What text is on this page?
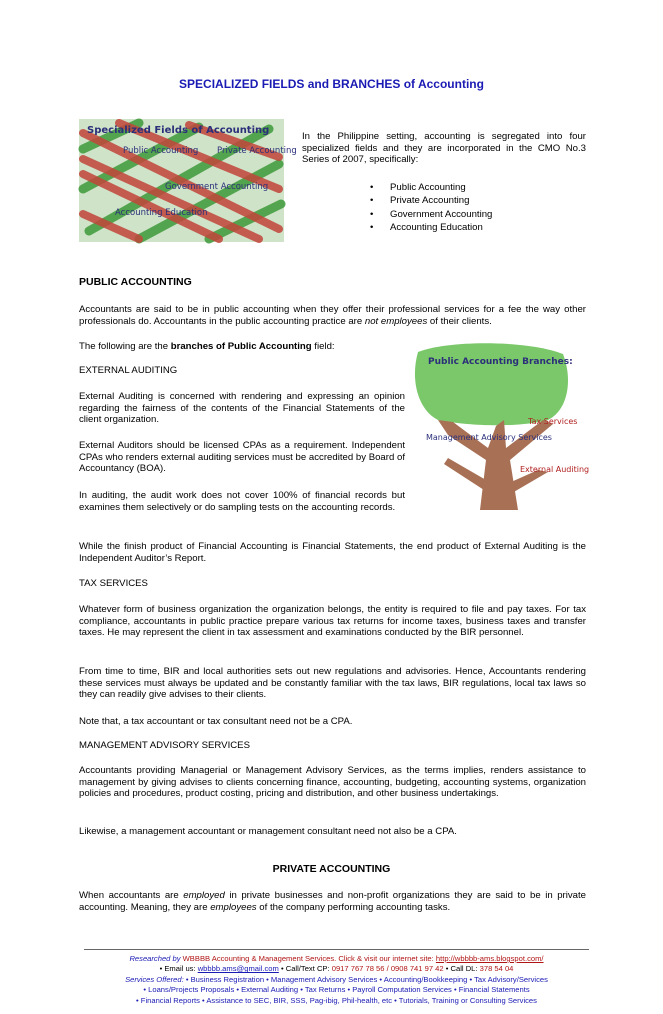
SPECIALIZED FIELDS and BRANCHES of Accounting
Specialized Fields of Accounting
Public Accounting Private Accounting
Government Accounting
Accounting Education
In the Philippine setting, accounting is segregated into four specialized fields and they are incorporated in the CMO No.3 Series of 2007, specifically:
• Public Accounting
• Private Accounting
• Government Accounting
• Accounting Education
PUBLIC ACCOUNTING

Accountants are said to be in public accounting when they offer their professional services for a fee the way other professionals do. Accountants in the public accounting practice are not employees of their clients.

The following are the branches of Public Accounting field:

Public Accounting Branches:
Management Advisory Services
Tax Services
External Auditing
EXTERNAL AUDITING

External Auditing is concerned with rendering and expressing an opinion regarding the fairness of the contents of the Financial Statements of the client organization.

External Auditors should be licensed CPAs as a requirement. Independent CPAs who renders external auditing services must be accredited by Board of Accountancy (BOA).

In auditing, the audit work does not cover 100% of financial records but examines them selectively or do sampling tests on the accounting records.

While the finish product of Financial Accounting is Financial Statements, the end product of External Auditing is the Independent Auditor’s Report.

TAX SERVICES

Whatever form of business organization the organization belongs, the entity is required to file and pay taxes. For tax compliance, accountants in public practice prepare various tax returns for income taxes, business taxes and transfer taxes. He may represent the client in tax assessment and examinations conducted by the BIR personnel.

From time to time, BIR and local authorities sets out new regulations and advisories. Hence, Accountants rendering these services must always be updated and be constantly familiar with the tax laws, BIR regulations, local tax laws so they can readily give advises to their clients.

Note that, a tax accountant or tax consultant need not be a CPA.

MANAGEMENT ADVISORY SERVICES

Accountants providing Managerial or Management Advisory Services, as the terms implies, renders assistance to management by giving advises to clients concerning finance, accounting, budgeting, accounting systems, organization policies and procedures, product costing, pricing and distribution, and other business undertakings.

Likewise, a management accountant or management consultant need not also be a CPA.

PRIVATE ACCOUNTING

When accountants are employed in private businesses and non-profit organizations they are said to be in private accounting. Meaning, they are employees of the company performing accounting tasks.

Researched by WBBBB Accounting & Management Services. Click & visit our internet site: http://wbbbb-ams.blogspot.com/
• Email us: wbbbb.ams@gmail.com • Call/Text CP: 0917 767 78 56 / 0908 741 97 42 • Call DL: 378 54 04
Services Offered: • Business Registration • Management Advisory Services • Accounting/Bookkeeping • Tax Advisory/Services
• Loans/Projects Proposals • External Auditing • Tax Returns • Payroll Computation Services • Financial Statements
• Financial Reports • Assistance to SEC, BIR, SSS, Pag-ibig, Phil-health, etc • Tutorials, Training or Consulting Services
